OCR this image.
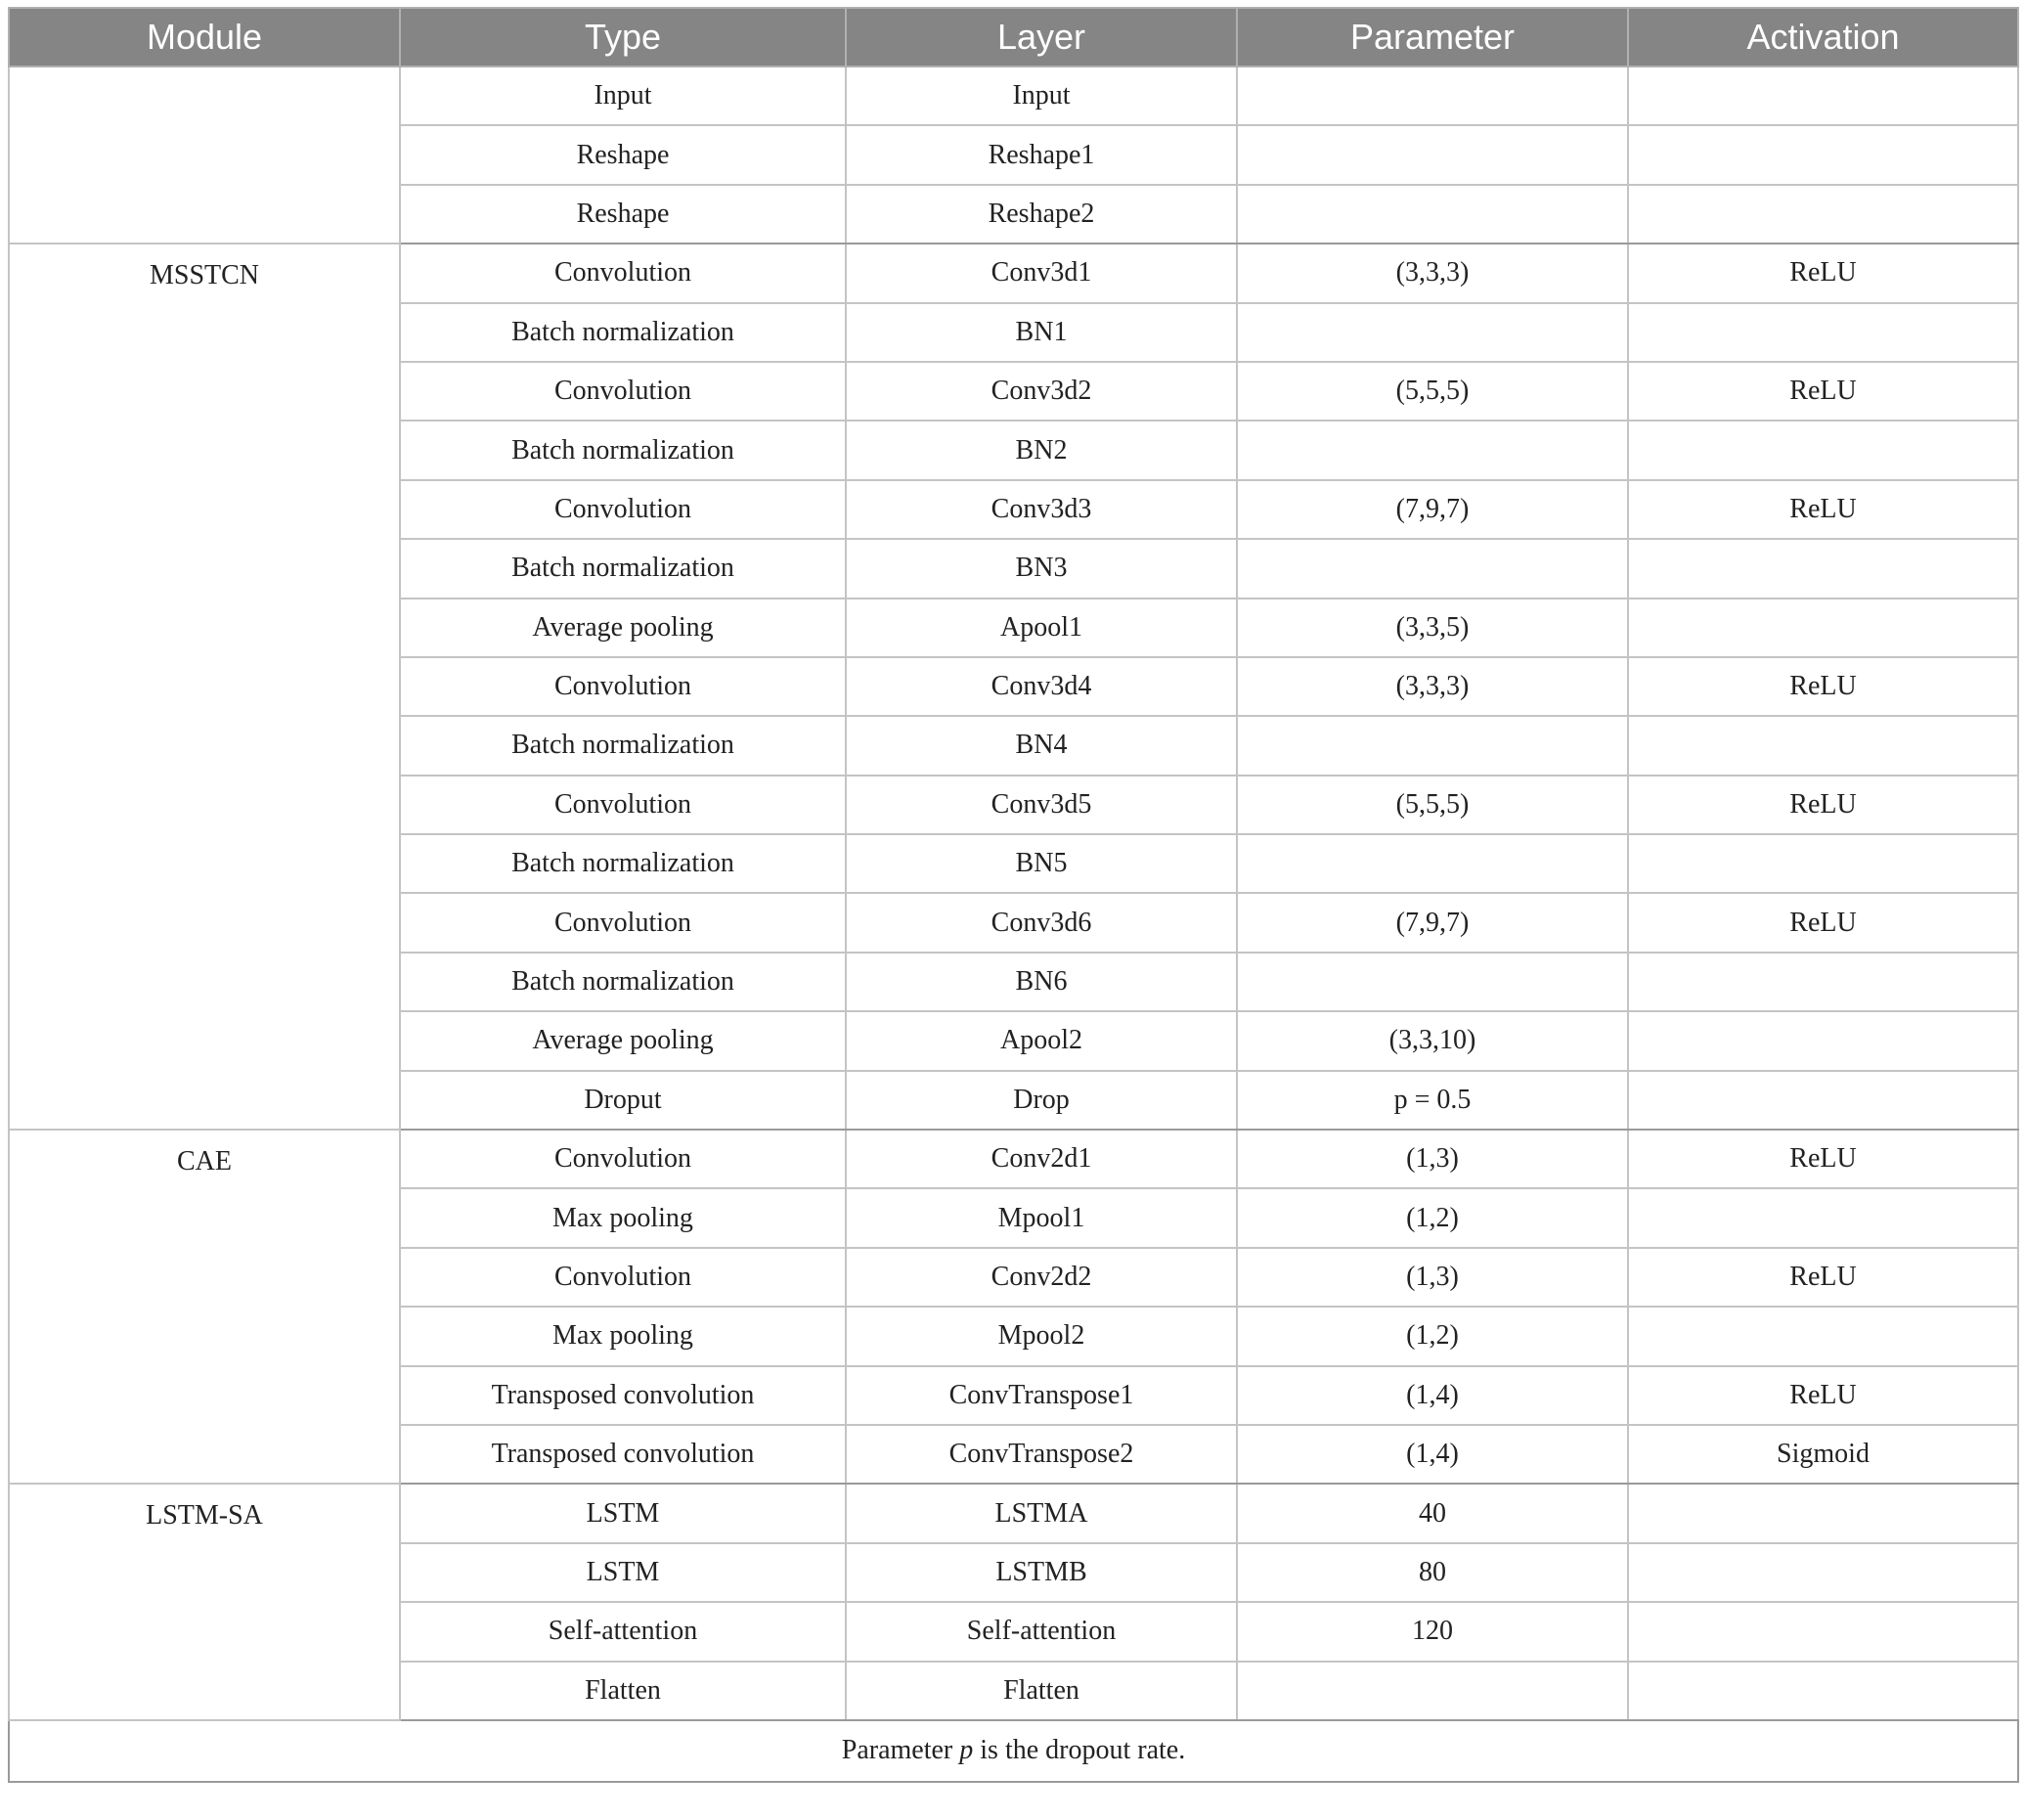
Module	Type	Layer	Parameter	Activation
	Input	Input		
	Reshape	Reshape1		
	Reshape	Reshape2		
MSSTCN	Convolution	Conv3d1	(3,3,3)	ReLU
	Batch normalization	BN1		
	Convolution	Conv3d2	(5,5,5)	ReLU
	Batch normalization	BN2		
	Convolution	Conv3d3	(7,9,7)	ReLU
	Batch normalization	BN3		
	Average pooling	Apool1	(3,3,5)	
	Convolution	Conv3d4	(3,3,3)	ReLU
	Batch normalization	BN4		
	Convolution	Conv3d5	(5,5,5)	ReLU
	Batch normalization	BN5		
	Convolution	Conv3d6	(7,9,7)	ReLU
	Batch normalization	BN6		
	Average pooling	Apool2	(3,3,10)	
	Droput	Drop	p = 0.5	
CAE	Convolution	Conv2d1	(1,3)	ReLU
	Max pooling	Mpool1	(1,2)	
	Convolution	Conv2d2	(1,3)	ReLU
	Max pooling	Mpool2	(1,2)	
	Transposed convolution	ConvTranspose1	(1,4)	ReLU
	Transposed convolution	ConvTranspose2	(1,4)	Sigmoid
LSTM-SA	LSTM	LSTMA	40	
	LSTM	LSTMB	80	
	Self-attention	Self-attention	120	
	Flatten	Flatten		
Parameter p is the dropout rate.				
